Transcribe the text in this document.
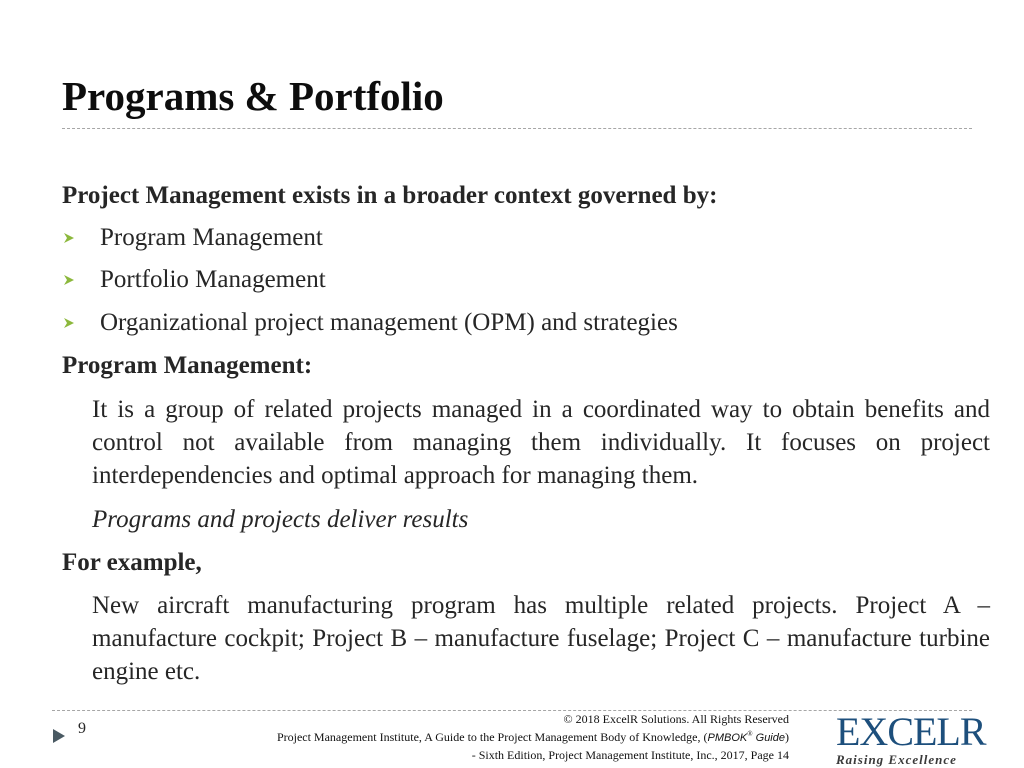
Programs & Portfolio
Project Management exists in a broader context governed by:
Program Management
Portfolio Management
Organizational project management (OPM) and strategies
Program Management:
It is a group of related projects managed in a coordinated way to obtain benefits and control not available from managing them individually. It focuses on project interdependencies and optimal approach for managing them.
Programs and projects deliver results
For example,
New aircraft manufacturing program has multiple related projects. Project A – manufacture cockpit; Project B – manufacture fuselage; Project C – manufacture turbine engine etc.
9
© 2018 ExcelR Solutions. All Rights Reserved
Project Management Institute, A Guide to the Project Management Body of Knowledge, (PMBOK® Guide)
- Sixth Edition, Project Management Institute, Inc., 2017, Page 14
EXCELR
Raising Excellence
